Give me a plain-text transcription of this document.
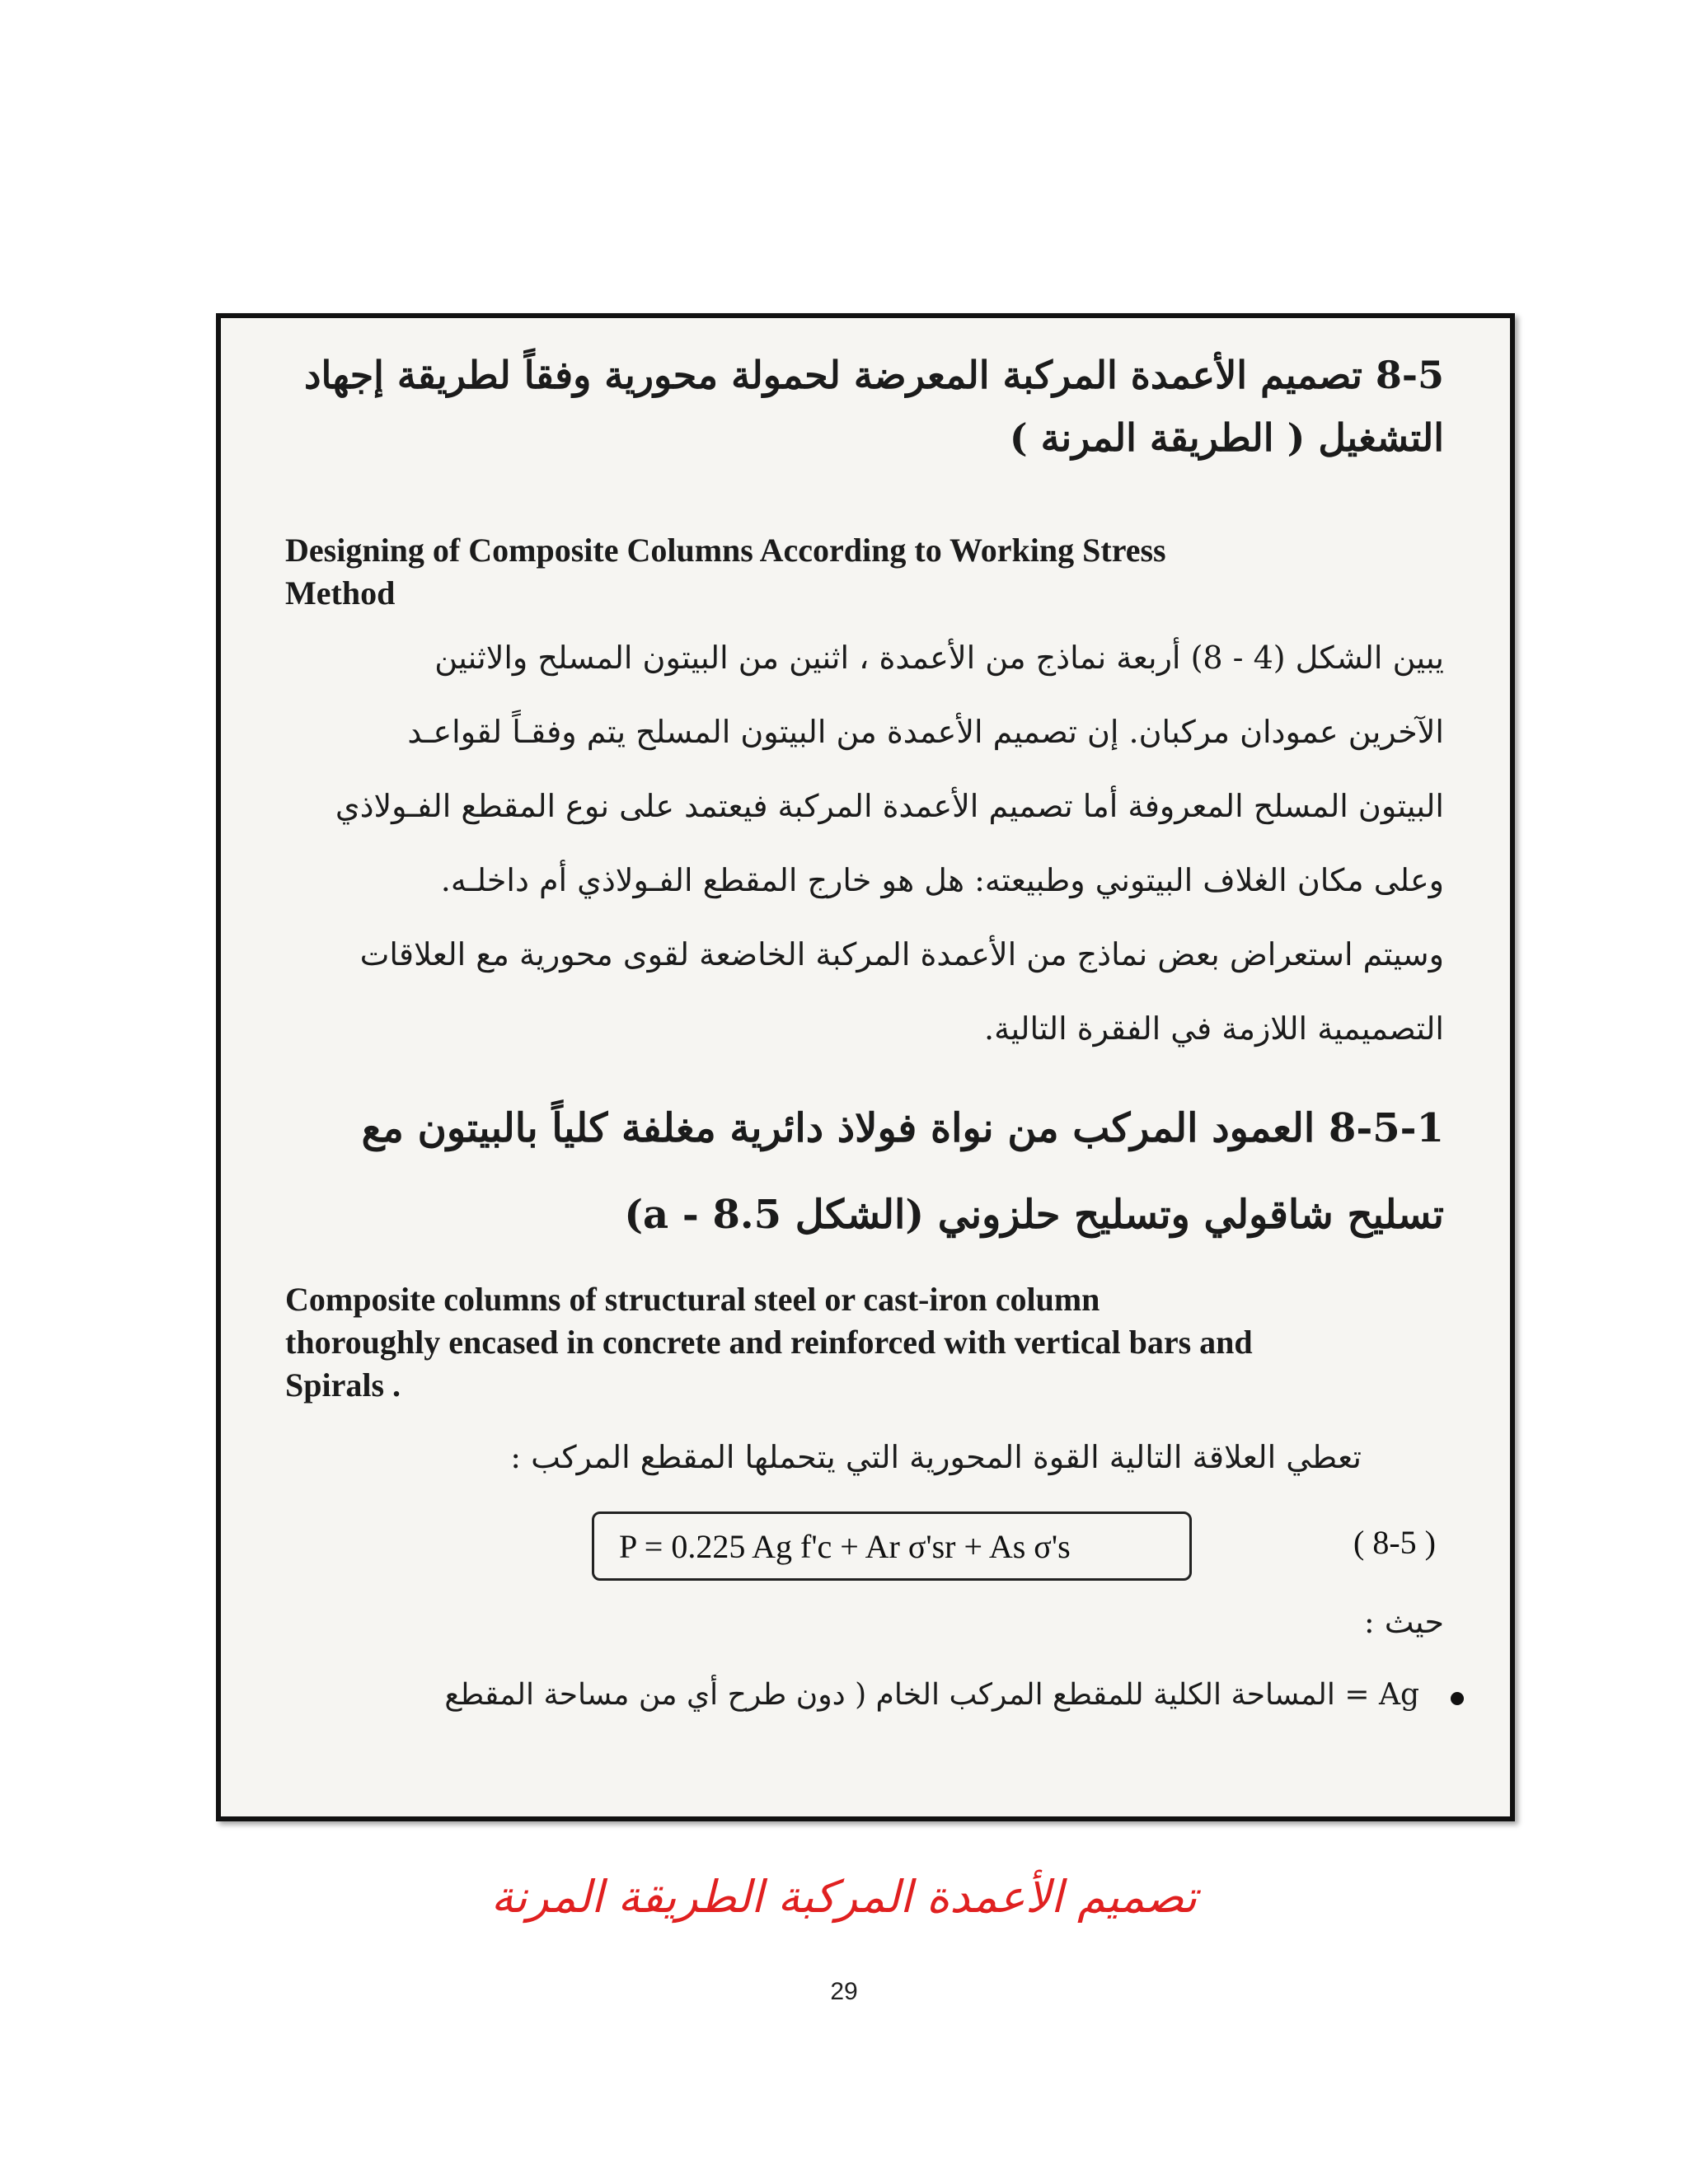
8-5 تصميم الأعمدة المركبة المعرضة لحمولة محورية وفقاً لطريقة إجهاد
التشغيل ( الطريقة المرنة )
Designing of Composite Columns According to Working Stress
Method
يبين الشكل (4 - 8) أربعة نماذج من الأعمدة ، اثنين من البيتون المسلح والاثنين
الآخرين عمودان مركبان. إن تصميم الأعمدة من البيتون المسلح يتم وفقـاً لقواعـد
البيتون المسلح المعروفة أما تصميم الأعمدة المركبة فيعتمد على نوع المقطع الفـولاذي
وعلى مكان الغلاف البيتوني وطبيعته: هل هو خارج المقطع الفـولاذي أم داخلـه.
وسيتم استعراض بعض نماذج من الأعمدة المركبة الخاضعة لقوى محورية مع العلاقات
التصميمية اللازمة في الفقرة التالية.
8-5-1 العمود المركب من نواة فولاذ دائرية مغلفة كلياً بالبيتون مع
تسليح شاقولي وتسليح حلزوني (الشكل 5.a - 8)
Composite columns of structural steel or cast-iron column
thoroughly encased in concrete and reinforced with vertical bars and
Spirals .
تعطي العلاقة التالية القوة المحورية التي يتحملها المقطع المركب :
P = 0.225 Ag f'c + Ar σ'sr + As σ's	( 8-5 )
حيث :
Ag = المساحة الكلية للمقطع المركب الخام ( دون طرح أي من مساحة المقطع
تصميم الأعمدة المركبة الطريقة المرنة
29
